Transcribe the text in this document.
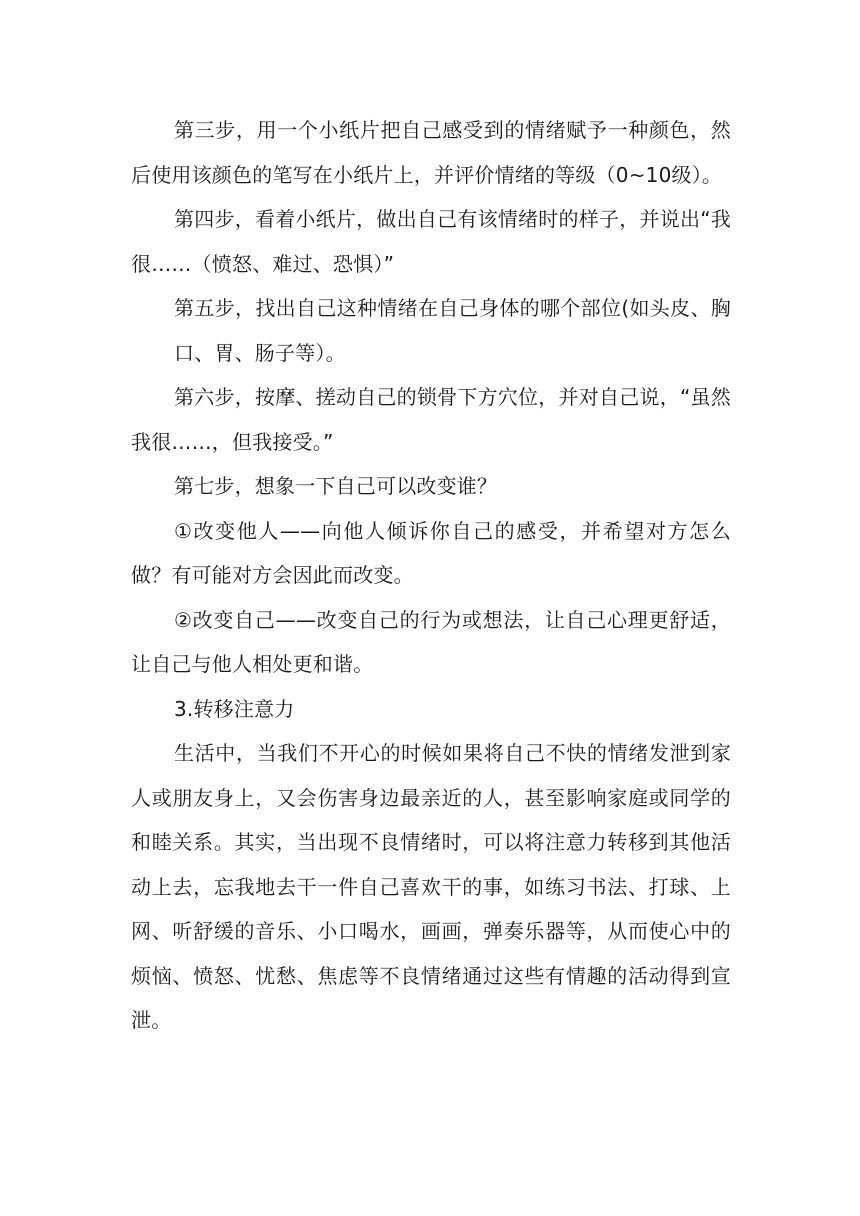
第三步，用一个小纸片把自己感受到的情绪赋予一种颜色，然后使用该颜色的笔写在小纸片上，并评价情绪的等级（0~10级）。

第四步，看着小纸片，做出自己有该情绪时的样子，并说出“我很……（愤怒、难过、恐惧）”

第五步，找出自己这种情绪在自己身体的哪个部位(如头皮、胸口、胃、肠子等）。

第六步，按摩、搓动自己的锁骨下方穴位，并对自己说，“虽然我很……，但我接受。”

第七步，想象一下自己可以改变谁？

①改变他人——向他人倾诉你自己的感受，并希望对方怎么做？有可能对方会因此而改变。

②改变自己——改变自己的行为或想法，让自己心理更舒适，让自己与他人相处更和谐。

3.转移注意力

生活中，当我们不开心的时候如果将自己不快的情绪发泄到家人或朋友身上，又会伤害身边最亲近的人，甚至影响家庭或同学的和睦关系。其实，当出现不良情绪时，可以将注意力转移到其他活动上去，忘我地去干一件自己喜欢干的事，如练习书法、打球、上网、听舒缓的音乐、小口喝水，画画，弹奏乐器等，从而使心中的烦恼、愤怒、忧愁、焦虑等不良情绪通过这些有情趣的活动得到宣泄。
